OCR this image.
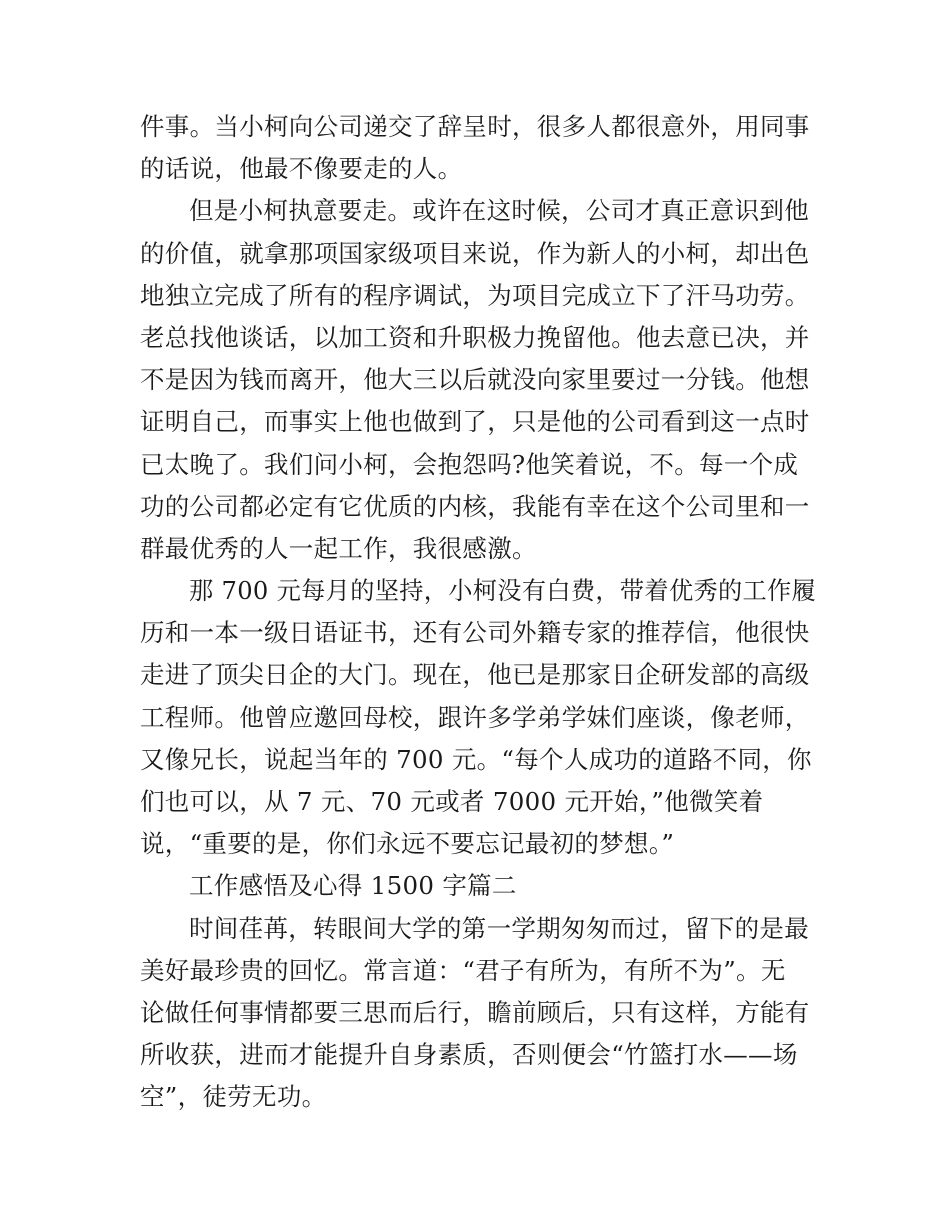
件事。当小柯向公司递交了辞呈时，很多人都很意外，用同事
的话说，他最不像要走的人。
但是小柯执意要走。或许在这时候，公司才真正意识到他
的价值，就拿那项国家级项目来说，作为新人的小柯，却出色
地独立完成了所有的程序调试，为项目完成立下了汗马功劳。
老总找他谈话，以加工资和升职极力挽留他。他去意已决，并
不是因为钱而离开，他大三以后就没向家里要过一分钱。他想
证明自己，而事实上他也做到了，只是他的公司看到这一点时
已太晚了。我们问小柯，会抱怨吗?他笑着说，不。每一个成
功的公司都必定有它优质的内核，我能有幸在这个公司里和一
群最优秀的人一起工作，我很感激。
那 700 元每月的坚持，小柯没有白费，带着优秀的工作履
历和一本一级日语证书，还有公司外籍专家的推荐信，他很快
走进了顶尖日企的大门。现在，他已是那家日企研发部的高级
工程师。他曾应邀回母校，跟许多学弟学妹们座谈，像老师，
又像兄长，说起当年的 700 元。“每个人成功的道路不同，你
们也可以，从 7 元、70 元或者 7000 元开始，”他微笑着
说，“重要的是，你们永远不要忘记最初的梦想。”
工作感悟及心得 1500 字篇二
时间荏苒，转眼间大学的第一学期匆匆而过，留下的是最
美好最珍贵的回忆。常言道：“君子有所为，有所不为”。无
论做任何事情都要三思而后行，瞻前顾后，只有这样，方能有
所收获，进而才能提升自身素质，否则便会“竹篮打水——场
空”，徒劳无功。
